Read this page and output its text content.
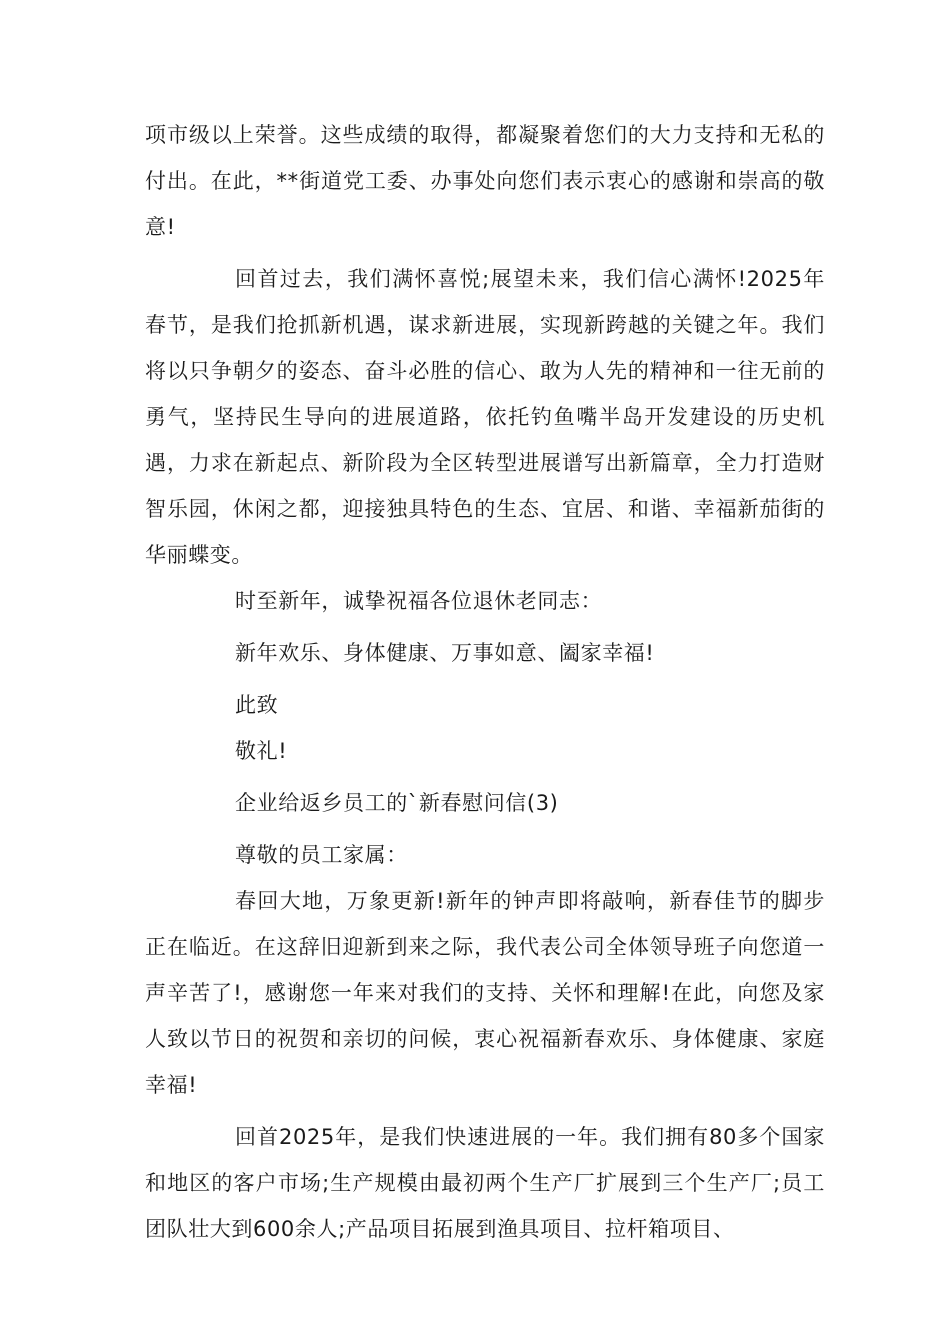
项市级以上荣誉。这些成绩的取得，都凝聚着您们的大力支持和无私的付出。在此，**街道党工委、办事处向您们表示衷心的感谢和崇高的敬意!

回首过去，我们满怀喜悦;展望未来，我们信心满怀!2025年春节，是我们抢抓新机遇，谋求新进展，实现新跨越的关键之年。我们将以只争朝夕的姿态、奋斗必胜的信心、敢为人先的精神和一往无前的勇气，坚持民生导向的进展道路，依托钓鱼嘴半岛开发建设的历史机遇，力求在新起点、新阶段为全区转型进展谱写出新篇章，全力打造财智乐园，休闲之都，迎接独具特色的生态、宜居、和谐、幸福新茄街的华丽蝶变。

时至新年，诚挚祝福各位退休老同志：

新年欢乐、身体健康、万事如意、阖家幸福!

此致

敬礼!

企业给返乡员工的`新春慰问信(3)

尊敬的员工家属：

春回大地，万象更新!新年的钟声即将敲响，新春佳节的脚步正在临近。在这辞旧迎新到来之际，我代表公司全体领导班子向您道一声辛苦了!，感谢您一年来对我们的支持、关怀和理解!在此，向您及家人致以节日的祝贺和亲切的问候，衷心祝福新春欢乐、身体健康、家庭幸福!

回首2025年，是我们快速进展的一年。我们拥有80多个国家和地区的客户市场;生产规模由最初两个生产厂扩展到三个生产厂;员工团队壮大到600余人;产品项目拓展到渔具项目、拉杆箱项目、
